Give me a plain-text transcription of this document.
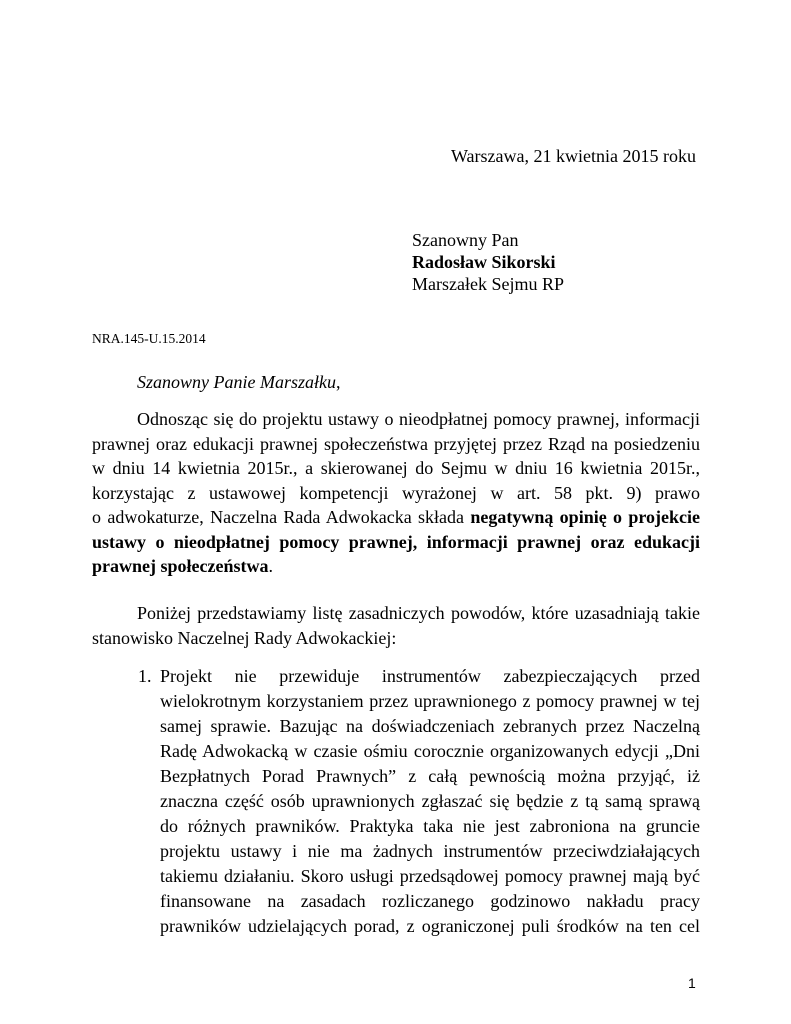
Warszawa, 21 kwietnia 2015 roku
Szanowny Pan
Radosław Sikorski
Marszałek Sejmu RP
NRA.145-U.15.2014
Szanowny Panie Marszałku,
Odnosząc się do projektu ustawy o nieodpłatnej pomocy prawnej, informacji
prawnej oraz edukacji prawnej społeczeństwa przyjętej przez Rząd na posiedzeniu
w dniu 14 kwietnia 2015r., a skierowanej do Sejmu w dniu 16 kwietnia 2015r.,
korzystając z ustawowej kompetencji wyrażonej w art. 58 pkt. 9) prawo
o adwokaturze, Naczelna Rada Adwokacka składa negatywną opinię o projekcie
ustawy o nieodpłatnej pomocy prawnej, informacji prawnej oraz edukacji
prawnej społeczeństwa.
Poniżej przedstawiamy listę zasadniczych powodów, które uzasadniają takie
stanowisko Naczelnej Rady Adwokackiej:
1. Projekt nie przewiduje instrumentów zabezpieczających przed
wielokrotnym korzystaniem przez uprawnionego z pomocy prawnej w tej
samej sprawie. Bazując na doświadczeniach zebranych przez Naczelną
Radę Adwokacką w czasie ośmiu corocznie organizowanych edycji „Dni
Bezpłatnych Porad Prawnych” z całą pewnością można przyjąć, iż
znaczna część osób uprawnionych zgłaszać się będzie z tą samą sprawą
do różnych prawników. Praktyka taka nie jest zabroniona na gruncie
projektu ustawy i nie ma żadnych instrumentów przeciwdziałających
takiemu działaniu. Skoro usługi przedsądowej pomocy prawnej mają być
finansowane na zasadach rozliczanego godzinowo nakładu pracy
prawników udzielających porad, z ograniczonej puli środków na ten cel
1
